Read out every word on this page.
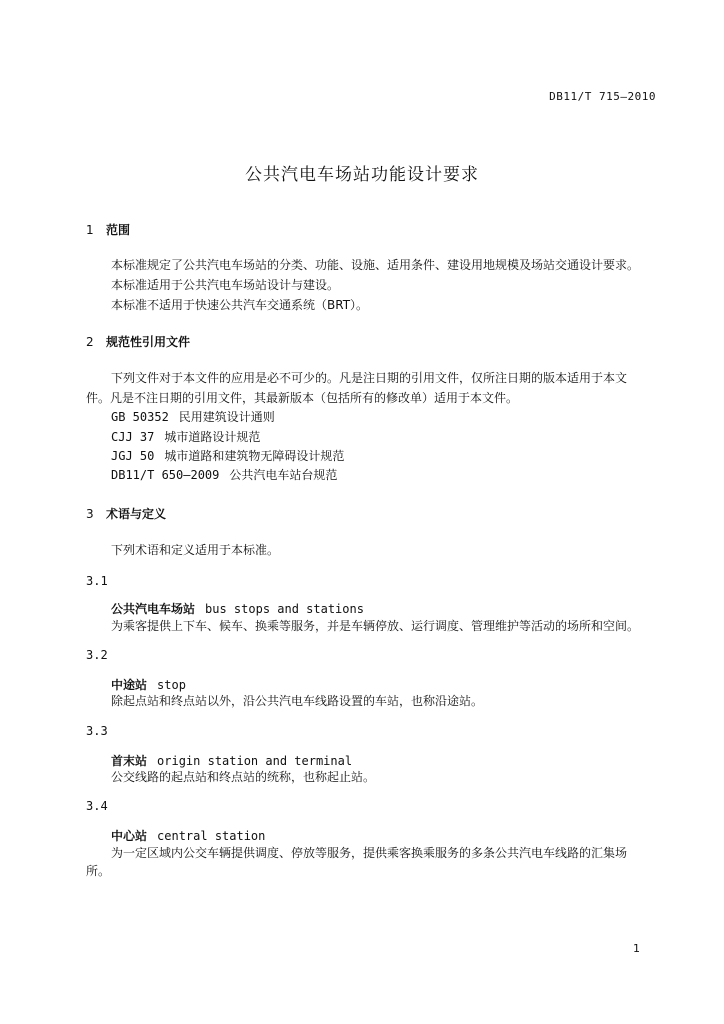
DB11/T 715—2010
公共汽电车场站功能设计要求
1 范围
本标准规定了公共汽电车场站的分类、功能、设施、适用条件、建设用地规模及场站交通设计要求。
本标准适用于公共汽电车场站设计与建设。
本标准不适用于快速公共汽车交通系统（BRT）。
2 规范性引用文件
下列文件对于本文件的应用是必不可少的。凡是注日期的引用文件，仅所注日期的版本适用于本文
件。凡是不注日期的引用文件，其最新版本（包括所有的修改单）适用于本文件。
GB 50352 民用建筑设计通则
CJJ 37 城市道路设计规范
JGJ 50 城市道路和建筑物无障碍设计规范
DB11/T 650—2009 公共汽电车站台规范
3 术语与定义
下列术语和定义适用于本标准。
3.1
公共汽电车场站 bus stops and stations
为乘客提供上下车、候车、换乘等服务，并是车辆停放、运行调度、管理维护等活动的场所和空间。
3.2
中途站 stop
除起点站和终点站以外，沿公共汽电车线路设置的车站，也称沿途站。
3.3
首末站 origin station and terminal
公交线路的起点站和终点站的统称，也称起止站。
3.4
中心站 central station
为一定区域内公交车辆提供调度、停放等服务，提供乘客换乘服务的多条公共汽电车线路的汇集场
所。
1
